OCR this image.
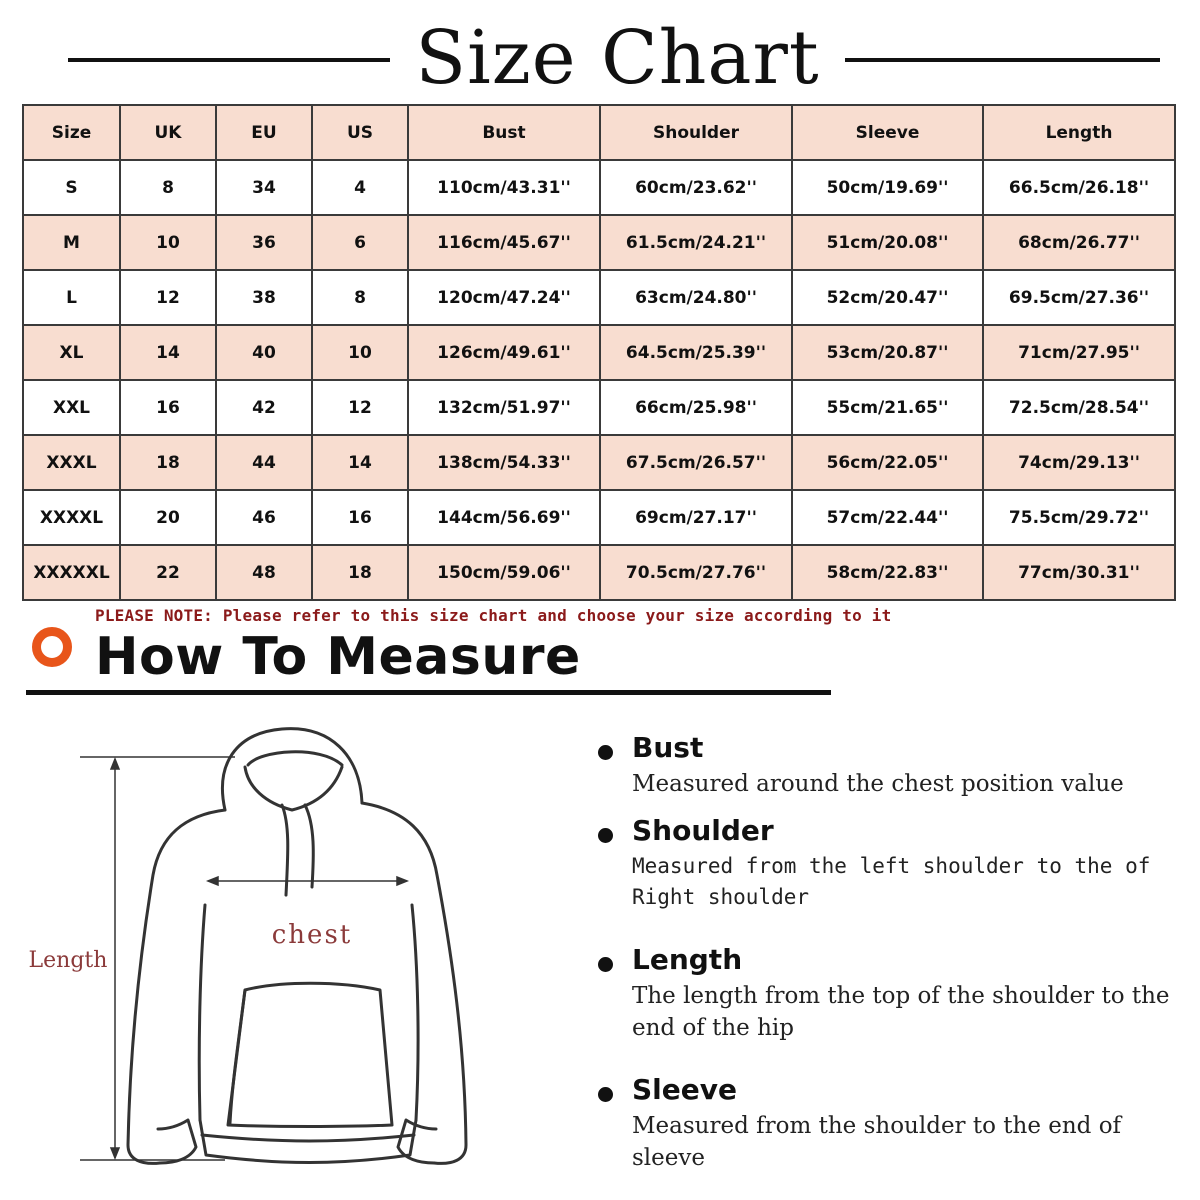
Size Chart
Size	UK	EU	US	Bust	Shoulder	Sleeve	Length
S	8	34	4	110cm/43.31''	60cm/23.62''	50cm/19.69''	66.5cm/26.18''
M	10	36	6	116cm/45.67''	61.5cm/24.21''	51cm/20.08''	68cm/26.77''
L	12	38	8	120cm/47.24''	63cm/24.80''	52cm/20.47''	69.5cm/27.36''
XL	14	40	10	126cm/49.61''	64.5cm/25.39''	53cm/20.87''	71cm/27.95''
XXL	16	42	12	132cm/51.97''	66cm/25.98''	55cm/21.65''	72.5cm/28.54''
XXXL	18	44	14	138cm/54.33''	67.5cm/26.57''	56cm/22.05''	74cm/29.13''
XXXXL	20	46	16	144cm/56.69''	69cm/27.17''	57cm/22.44''	75.5cm/29.72''
XXXXXL	22	48	18	150cm/59.06''	70.5cm/27.76''	58cm/22.83''	77cm/30.31''
PLEASE NOTE: Please refer to this size chart and choose your size according to it
How To Measure
chest
Length
Bust
Measured around the chest position value
Shoulder
Measured from the left shoulder to the of Right shoulder
Length
The length from the top of the shoulder to the end of the hip
Sleeve
Measured from the shoulder to the end of sleeve
